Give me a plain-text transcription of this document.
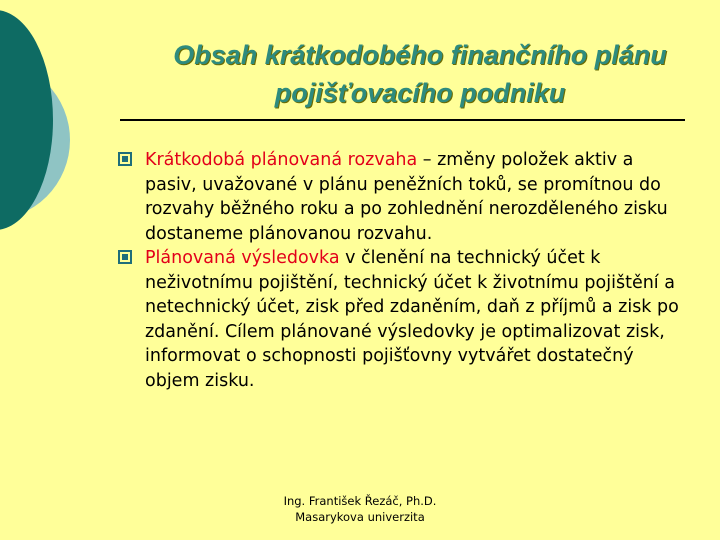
Obsah krátkodobého finančního plánu pojišťovacího podniku
Krátkodobá plánovaná rozvaha – změny položek aktiv a pasiv, uvažované v plánu peněžních toků, se promítnou do rozvahy běžného roku a po zohlednění nerozděleného zisku dostaneme plánovanou rozvahu.
Plánovaná výsledovka v členění na technický účet k neživotnímu pojištění, technický účet k životnímu pojištění a netechnický účet, zisk před zdaněním, daň z příjmů a zisk po zdanění. Cílem plánované výsledovky je optimalizovat zisk, informovat o schopnosti pojišťovny vytvářet dostatečný objem zisku.
Ing. František Řezáč, Ph.D.
Masarykova univerzita
